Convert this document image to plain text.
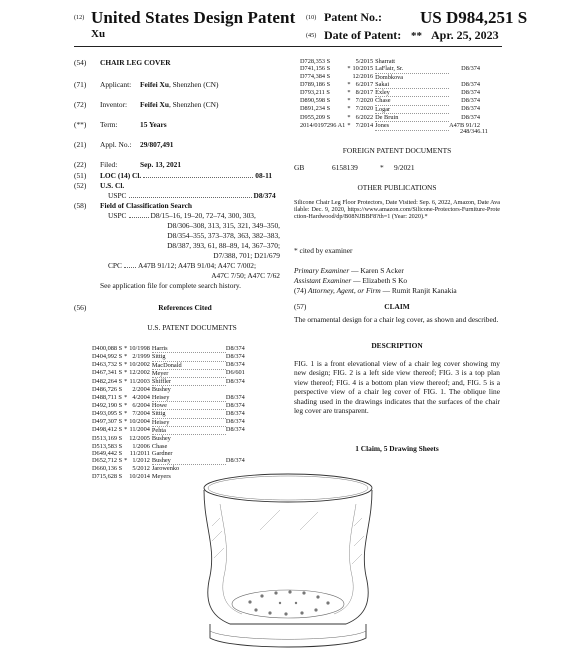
(12) United States Design Patent
Xu
(10) Patent No.: US D984,251 S
(45) Date of Patent: ** Apr. 25, 2023
(54) CHAIR LEG COVER
(71) Applicant: Feifei Xu, Shenzhen (CN)
(72) Inventor: Feifei Xu, Shenzhen (CN)
(**) Term:	15 Years
(21) Appl. No.: 29/807,491
(22) Filed:	Sep. 13, 2021
(51) LOC (14) Cl.	08-11
(52) U.S. Cl.
USPC	D8/374
(58) Field of Classification Search
USPC	D8/15–16, 19–20, 72–74, 300, 303,
D8/306–308, 313, 315, 321, 349–350,
D8/354–355, 373–378, 363, 382–383,
D8/387, 393, 61, 88–89, 14, 367–370;
D7/388, 701; D21/679
CPC A47B 91/12; A47B 91/04; A47C 7/002;
A47C 7/50; A47C 7/62
See application file for complete search history.
(56)	References Cited
U.S. PATENT DOCUMENTS
D400,088 S	*	10/1998	Harris	D8/374
D404,992 S	*	2/1999	Sittig	D8/374
D463,732 S	*	10/2002	MacDonald	D8/374
D467,341 S	*	12/2002	Meyer	D6/601
D482,264 S	*	11/2003	Shiffler	D8/374
D486,726 S		2/2004	Bushey	
D488,711 S	*	4/2004	Heisey	D8/374
D492,190 S	*	6/2004	Howe	D8/374
D493,095 S	*	7/2004	Sittig	D8/374
D497,307 S	*	10/2004	Heisey	D8/374
D498,412 S	*	11/2004	Pehta	D8/374
D513,169 S		12/2005	Bushey	
D513,583 S		1/2006	Chase	
D649,442 S		11/2011	Gardner	
D652,712 S	*	1/2012	Bushey	D8/374
D660,136 S		5/2012	Jarowenko	
D715,628 S		10/2014	Meyers	
D728,353 S		5/2015	Sharratt	
D741,156 S	*	10/2015	LaFlair, Sr.	D8/374
D774,384 S		12/2016	Dombkova	
D789,186 S	*	6/2017	Sakai	D8/374
D793,211 S	*	8/2017	Exley	D8/374
D890,598 S	*	7/2020	Chase	D8/374
D891,234 S	*	7/2020	Logar	D8/374
D955,209 S	*	6/2022	De Bruin	D8/374
2014/0197296 A1	*	7/2014	Jones	A47B 91/12
248/346.11
FOREIGN PATENT DOCUMENTS
GB	6158139	* 9/2021
OTHER PUBLICATIONS

Silicone Chair Leg Floor Protectors, Date Visited: Sep. 6, 2022, Amazon, Date Available: Dec. 9, 2020, https://www.amazon.com/Silicone-Protectors-Furniture-Protection-Hardwood/dp/B08NJBBF8?th=1 (Year: 2020).*

* cited by examiner
Primary Examiner — Karen S Acker
Assistant Examiner — Elizabeth S Ko
(74) Attorney, Agent, or Firm — Rumit Ranjit Kanakia
(57)	CLAIM

The ornamental design for a chair leg cover, as shown and described.

DESCRIPTION

FIG. 1 is a front elevational view of a chair leg cover showing my new design; FIG. 2 is a left side view thereof; FIG. 3 is a top plan view thereof; FIG. 4 is a bottom plan view thereof; and, FIG. 5 is a perspective view of a chair leg cover of FIG. 1. The oblique line shading used in the drawings indicates that the surfaces of the chair leg cover are transparent.

1 Claim, 5 Drawing Sheets
